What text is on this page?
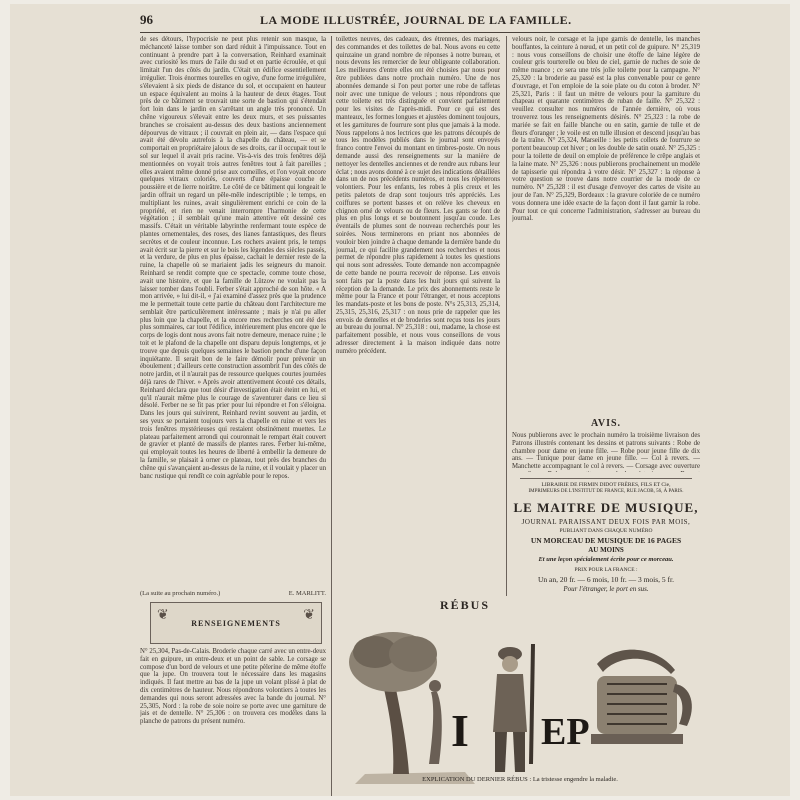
96	LA MODE ILLUSTRÉE, JOURNAL DE LA FAMILLE.
de ses détours, l'hypocrisie ne peut plus retenir son masque, la méchanceté laisse tomber son dard réduit à l'impuissance. Tout en continuant à prendre part à la conversation, Reinhard examinait avec curiosité les murs de l'aile du sud et en partie écroulée, et qui limitait l'un des côtés du jardin. C'était un édifice essentiellement irrégulier. Trois énormes tourelles en ogive, d'une forme irrégulière, s'élevaient à six pieds de distance du sol, et occupaient en hauteur un espace équivalent au moins à la hauteur de deux étages. Tout près de ce bâtiment se trouvait une sorte de bastion qui s'étendait fort loin dans le jardin en s'arrêtant un angle très prononcé. Un chêne vigoureux s'élevait entre les deux murs, et ses puissantes branches se croisaient au-dessus des deux bastions anciennement dépourvus de vitraux ; il couvrait en plein air, — dans l'espace qui avait été dévolu autrefois à la chapelle du château, — et se comportait en propriétaire jaloux de ses droits, car il occupait tout le sol sur lequel il avait pris racine. Vis-à-vis des trois fenêtres déjà mentionnées on voyait trois autres fenêtres tout à fait pareilles ; elles avaient même donné prise aux corneilles, et l'on voyait encore quelques vitraux coloriés, couverts d'une épaisse couche de poussière et de lierre noirâtre. Le côté de ce bâtiment qui longeait le jardin offrait un regard un pêle-mêle indescriptible ; le temps, en multipliant les ruines, avait singulièrement enrichi ce coin de la propriété, et rien ne venait interrompre l'harmonie de cette végétation ; il semblait qu'une main attentive eût dessiné ces massifs. C'était un véritable labyrinthe renfermant toute espèce de plantes ornementales, des roses, des lianes fantastiques, des fleurs secrètes et de couleur inconnue. Les rochers avaient pris, le temps avait écrit sur la pierre et sur le bois les légendes des siècles passés, et la verdure, de plus en plus épaisse, cachait le dernier reste de la ruine, la chapelle où se mariaient jadis les seigneurs du manoir. Reinhard se rendit compte que ce spectacle, comme toute chose, avait une histoire, et que la famille de Lützow ne voulait pas la laisser tomber dans l'oubli. Ferber s'était approché de son hôte. « A mon arrivée, » lui dit-il, « j'ai examiné d'assez près que la prudence me le permettait toute cette partie du château dont l'architecture me semblait être particulièrement intéressante ; mais je n'ai pu aller plus loin que la chapelle, et la encore mes recherches ont été des plus sommaires, car tout l'édifice, intérieurement plus encore que le corps de logis dont nous avons fait notre demeure, menace ruine ; le toit et le plafond de la chapelle ont disparu depuis longtemps, et je trouve que depuis quelques semaines le bastion penche d'une façon inquiétante. Il serait bon de le faire démolir pour prévenir un éboulement ; d'ailleurs cette construction assombrit l'un des côtés de notre jardin, et il n'aurait pas de ressource quelques courtes journées déjà rares de l'hiver. » Après avoir attentivement écouté ces détails, Reinhard déclara que tout désir d'investigation était éteint en lui, et qu'il n'aurait même plus le courage de s'aventurer dans ce lieu si désolé. Ferber ne se fit pas prier pour lui répondre et l'on s'éloigna. Dans les jours qui suivirent, Reinhard revint souvent au jardin, et ses yeux se portaient toujours vers la chapelle en ruine et vers les trois fenêtres mystérieuses qui restaient obstinément muettes. Le plateau parfaitement arrondi qui couronnait le rempart était couvert de gravier et planté de massifs de plantes rares. Ferber lui-même, qui employait toutes les heures de liberté à embellir la demeure de la famille, se plaisait à orner ce plateau, tout près des branches du chêne qui s'avançaient au-dessus de la ruine, et il voulait y placer un banc rustique qui rendît ce coin agréable pour le repos.
toilettes neuves, des cadeaux, des étrennes, des mariages, des commandes et des toilettes de bal. Nous avons eu cette quinzaine un grand nombre de réponses à notre bureau, et nous devons les remercier de leur obligeante collaboration. Les meilleures d'entre elles ont été choisies par nous pour être publiées dans notre prochain numéro. Une de nos abonnées demande si l'on peut porter une robe de taffetas noir avec une tunique de velours ; nous répondrons que cette toilette est très distinguée et convient parfaitement pour les visites de l'après-midi. Pour ce qui est des manteaux, les formes longues et ajustées dominent toujours, et les garnitures de fourrure sont plus que jamais à la mode. Nous rappelons à nos lectrices que les patrons découpés de tous les modèles publiés dans le journal sont envoyés franco contre l'envoi du montant en timbres-poste. On nous demande aussi des renseignements sur la manière de nettoyer les dentelles anciennes et de rendre aux rubans leur éclat ; nous avons donné à ce sujet des indications détaillées dans un de nos précédents numéros, et nous les répéterons volontiers. Pour les enfants, les robes à plis creux et les petits paletots de drap sont toujours très appréciés. Les coiffures se portent basses et on relève les cheveux en chignon orné de velours ou de fleurs. Les gants se font de plus en plus longs et se boutonnent jusqu'au coude. Les éventails de plumes sont de nouveau recherchés pour les soirées. Nous terminerons en priant nos abonnées de vouloir bien joindre à chaque demande la dernière bande du journal, ce qui facilite grandement nos recherches et nous permet de répondre plus rapidement à toutes les questions qui nous sont adressées. Toute demande non accompagnée de cette bande ne pourra recevoir de réponse. Les envois sont faits par la poste dans les huit jours qui suivent la réception de la demande. Le prix des abonnements reste le même pour la France et pour l'étranger, et nous acceptons les mandats-poste et les bons de poste. N°s 25,313, 25,314, 25,315, 25,316, 25,317 : on nous prie de rappeler que les envois de dentelles et de broderies sont reçus tous les jours au bureau du journal. N° 25,318 : oui, madame, la chose est parfaitement possible, et nous vous conseillons de vous adresser directement à la maison indiquée dans notre numéro précédent.
velours noir, le corsage et la jupe garnis de dentelle, les manches bouffantes, la ceinture à nœud, et un petit col de guipure. N° 25,319 : nous vous conseillons de choisir une étoffe de laine légère de couleur gris tourterelle ou bleu de ciel, garnie de ruches de soie de même nuance ; ce sera une très jolie toilette pour la campagne. N° 25,320 : la broderie au passé est la plus convenable pour ce genre d'ouvrage, et l'on emploie de la soie plate ou du coton à broder. N° 25,321, Paris : il faut un mètre de velours pour la garniture du chapeau et quarante centimètres de ruban de faille. N° 25,322 : veuillez consulter nos numéros de l'année dernière, où vous trouverez tous les renseignements désirés. N° 25,323 : la robe de mariée se fait en faille blanche ou en satin, garnie de tulle et de fleurs d'oranger ; le voile est en tulle illusion et descend jusqu'au bas de la traîne. N° 25,324, Marseille : les petits collets de fourrure se portent beaucoup cet hiver ; on les double de satin ouaté. N° 25,325 : pour la toilette de deuil on emploie de préférence le crêpe anglais et la laine mate. N° 25,326 : nous publierons prochainement un modèle de tapisserie qui répondra à votre désir. N° 25,327 : la réponse à votre question se trouve dans notre courrier de la mode de ce numéro. N° 25,328 : il est d'usage d'envoyer des cartes de visite au jour de l'an. N° 25,329, Bordeaux : la gravure coloriée de ce numéro vous donnera une idée exacte de la façon dont il faut garnir la robe. Pour tout ce qui concerne l'administration, s'adresser au bureau du journal.
(La suite au prochain numéro.)	E. MARLITT.
❦	❦
RENSEIGNEMENTS
N° 25,304, Pas-de-Calais. Broderie chaque carré avec un entre-deux fait en guipure, un entre-deux et un point de sable. Le corsage se compose d'un bord de velours et une petite pèlerine de même étoffe que la jupe. On trouvera tout le nécessaire dans les magasins indiqués. Il faut mettre au bas de la jupe un volant plissé à plat de dix centimètres de hauteur. Nous répondrons volontiers à toutes les demandes qui nous seront adressées avec la bande du journal. N° 25,305, Nord : la robe de soie noire se porte avec une garniture de jais et de dentelle. N° 25,306 : on trouvera ces modèles dans la planche de patrons du présent numéro.
AVIS.
Nous publierons avec le prochain numéro la troisième livraison des Patrons illustrés contenant les dessins et patrons suivants : Robe de chambre pour dame en jeune fille. — Robe pour jeune fille de dix ans. — Tunique pour dame en jeune fille. — Col à revers. — Manchette accompagnant le col à revers. — Corsage avec ouverture
LIBRAIRIE DE FIRMIN DIDOT FRÈRES, FILS ET Cie,
IMPRIMEURS DE L'INSTITUT DE FRANCE, RUE JACOB, 56, À PARIS.
LE MAITRE DE MUSIQUE,
JOURNAL PARAISSANT DEUX FOIS PAR MOIS,
PUBLIANT DANS CHAQUE NUMÉRO
UN MORCEAU DE MUSIQUE DE 16 PAGES
AU MOINS
Et une leçon spécialement écrite pour ce morceau.
PRIX POUR LA FRANCE :
Un an, 20 fr. — 6 mois, 10 fr. — 3 mois, 5 fr.
Pour l'étranger, le port en sus.
RÉBUS
I EP
EXPLICATION DU DERNIER RÉBUS : La tristesse engendre la maladie.
